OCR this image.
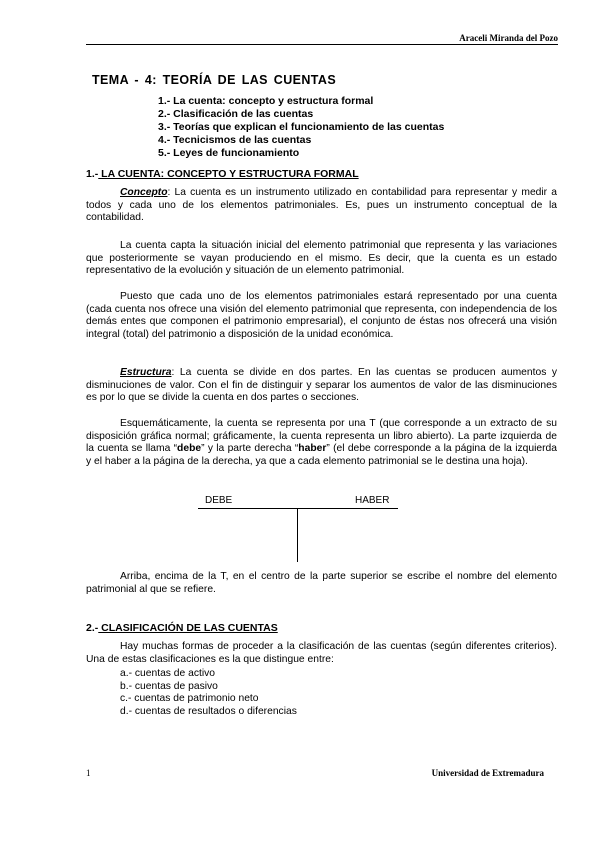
Araceli Miranda del Pozo
TEMA - 4: TEORÍA DE LAS CUENTAS
1.- La cuenta: concepto y estructura formal
2.- Clasificación de las cuentas
3.- Teorías que explican el funcionamiento de las cuentas
4.- Tecnicismos de las cuentas
5.- Leyes de funcionamiento
1.- LA CUENTA: CONCEPTO Y ESTRUCTURA FORMAL

Concepto: La cuenta es un instrumento utilizado en contabilidad para representar y medir a todos y cada uno de los elementos patrimoniales. Es, pues un instrumento conceptual de la contabilidad.

La cuenta capta la situación inicial del elemento patrimonial que representa y las variaciones que posteriormente se vayan produciendo en el mismo. Es decir, que la cuenta es un estado representativo de la evolución y situación de un elemento patrimonial.

Puesto que cada uno de los elementos patrimoniales estará representado por una cuenta (cada cuenta nos ofrece una visión del elemento patrimonial que representa, con independencia de los demás entes que componen el patrimonio empresarial), el conjunto de éstas nos ofrecerá una visión integral (total) del patrimonio a disposición de la unidad económica.

Estructura: La cuenta se divide en dos partes. En las cuentas se producen aumentos y disminuciones de valor. Con el fin de distinguir y separar los aumentos de valor de las disminuciones es por lo que se divide la cuenta en dos partes o secciones.

Esquemáticamente, la cuenta se representa por una T (que corresponde a un extracto de su disposición gráfica normal; gráficamente, la cuenta representa un libro abierto). La parte izquierda de la cuenta se llama “debe” y la parte derecha “haber” (el debe corresponde a la página de la izquierda y el haber a la página de la derecha, ya que a cada elemento patrimonial se le destina una hoja).

DEBE	HABER

Arriba, encima de la T, en el centro de la parte superior se escribe el nombre del elemento patrimonial al que se refiere.

2.- CLASIFICACIÓN DE LAS CUENTAS

Hay muchas formas de proceder a la clasificación de las cuentas (según diferentes criterios). Una de estas clasificaciones es la que distingue entre:

a.- cuentas de activo
b.- cuentas de pasivo
c.- cuentas de patrimonio neto
d.- cuentas de resultados o diferencias
1	Universidad de Extremadura
